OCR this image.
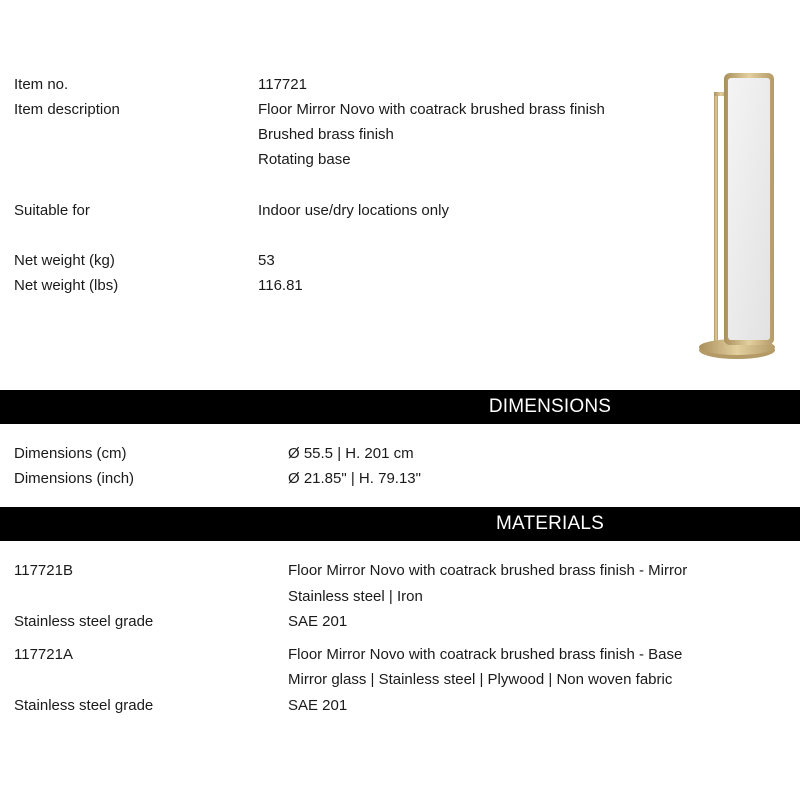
Item no.	117721
Item description	Floor Mirror Novo with coatrack brushed brass finish
Brushed brass finish
Rotating base
Suitable for	Indoor use/dry locations only
Net weight (kg)	53
Net weight (lbs)	116.81
DIMENSIONS
Dimensions (cm)	Ø 55.5 | H. 201 cm
Dimensions (inch)	Ø 21.85" | H. 79.13"
MATERIALS
117721B	Floor Mirror Novo with coatrack brushed brass finish - Mirror
Stainless steel | Iron
Stainless steel grade	SAE 201
117721A	Floor Mirror Novo with coatrack brushed brass finish - Base
Mirror glass | Stainless steel | Plywood | Non woven fabric
Stainless steel grade	SAE 201
